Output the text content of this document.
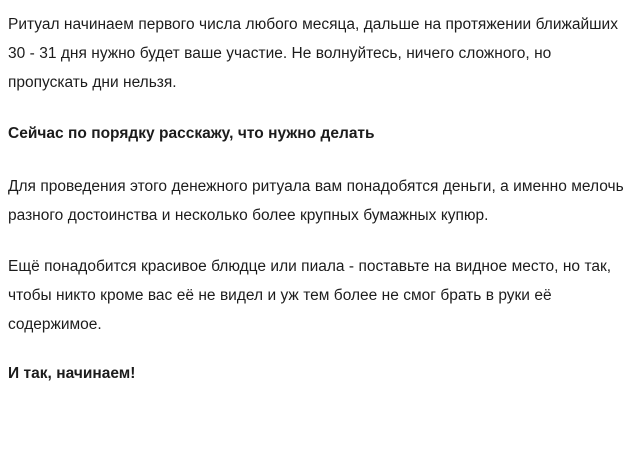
Ритуал начинаем первого числа любого месяца, дальше на протяжении ближайших 30 - 31 дня нужно будет ваше участие. Не волнуйтесь, ничего сложного, но пропускать дни нельзя.

Сейчас по порядку расскажу, что нужно делать

Для проведения этого денежного ритуала вам понадобятся деньги, а именно мелочь разного достоинства и несколько более крупных бумажных купюр.

Ещё понадобится красивое блюдце или пиала - поставьте на видное место, но так, чтобы никто кроме вас её не видел и уж тем более не смог брать в руки её содержимое.

И так, начинаем!
